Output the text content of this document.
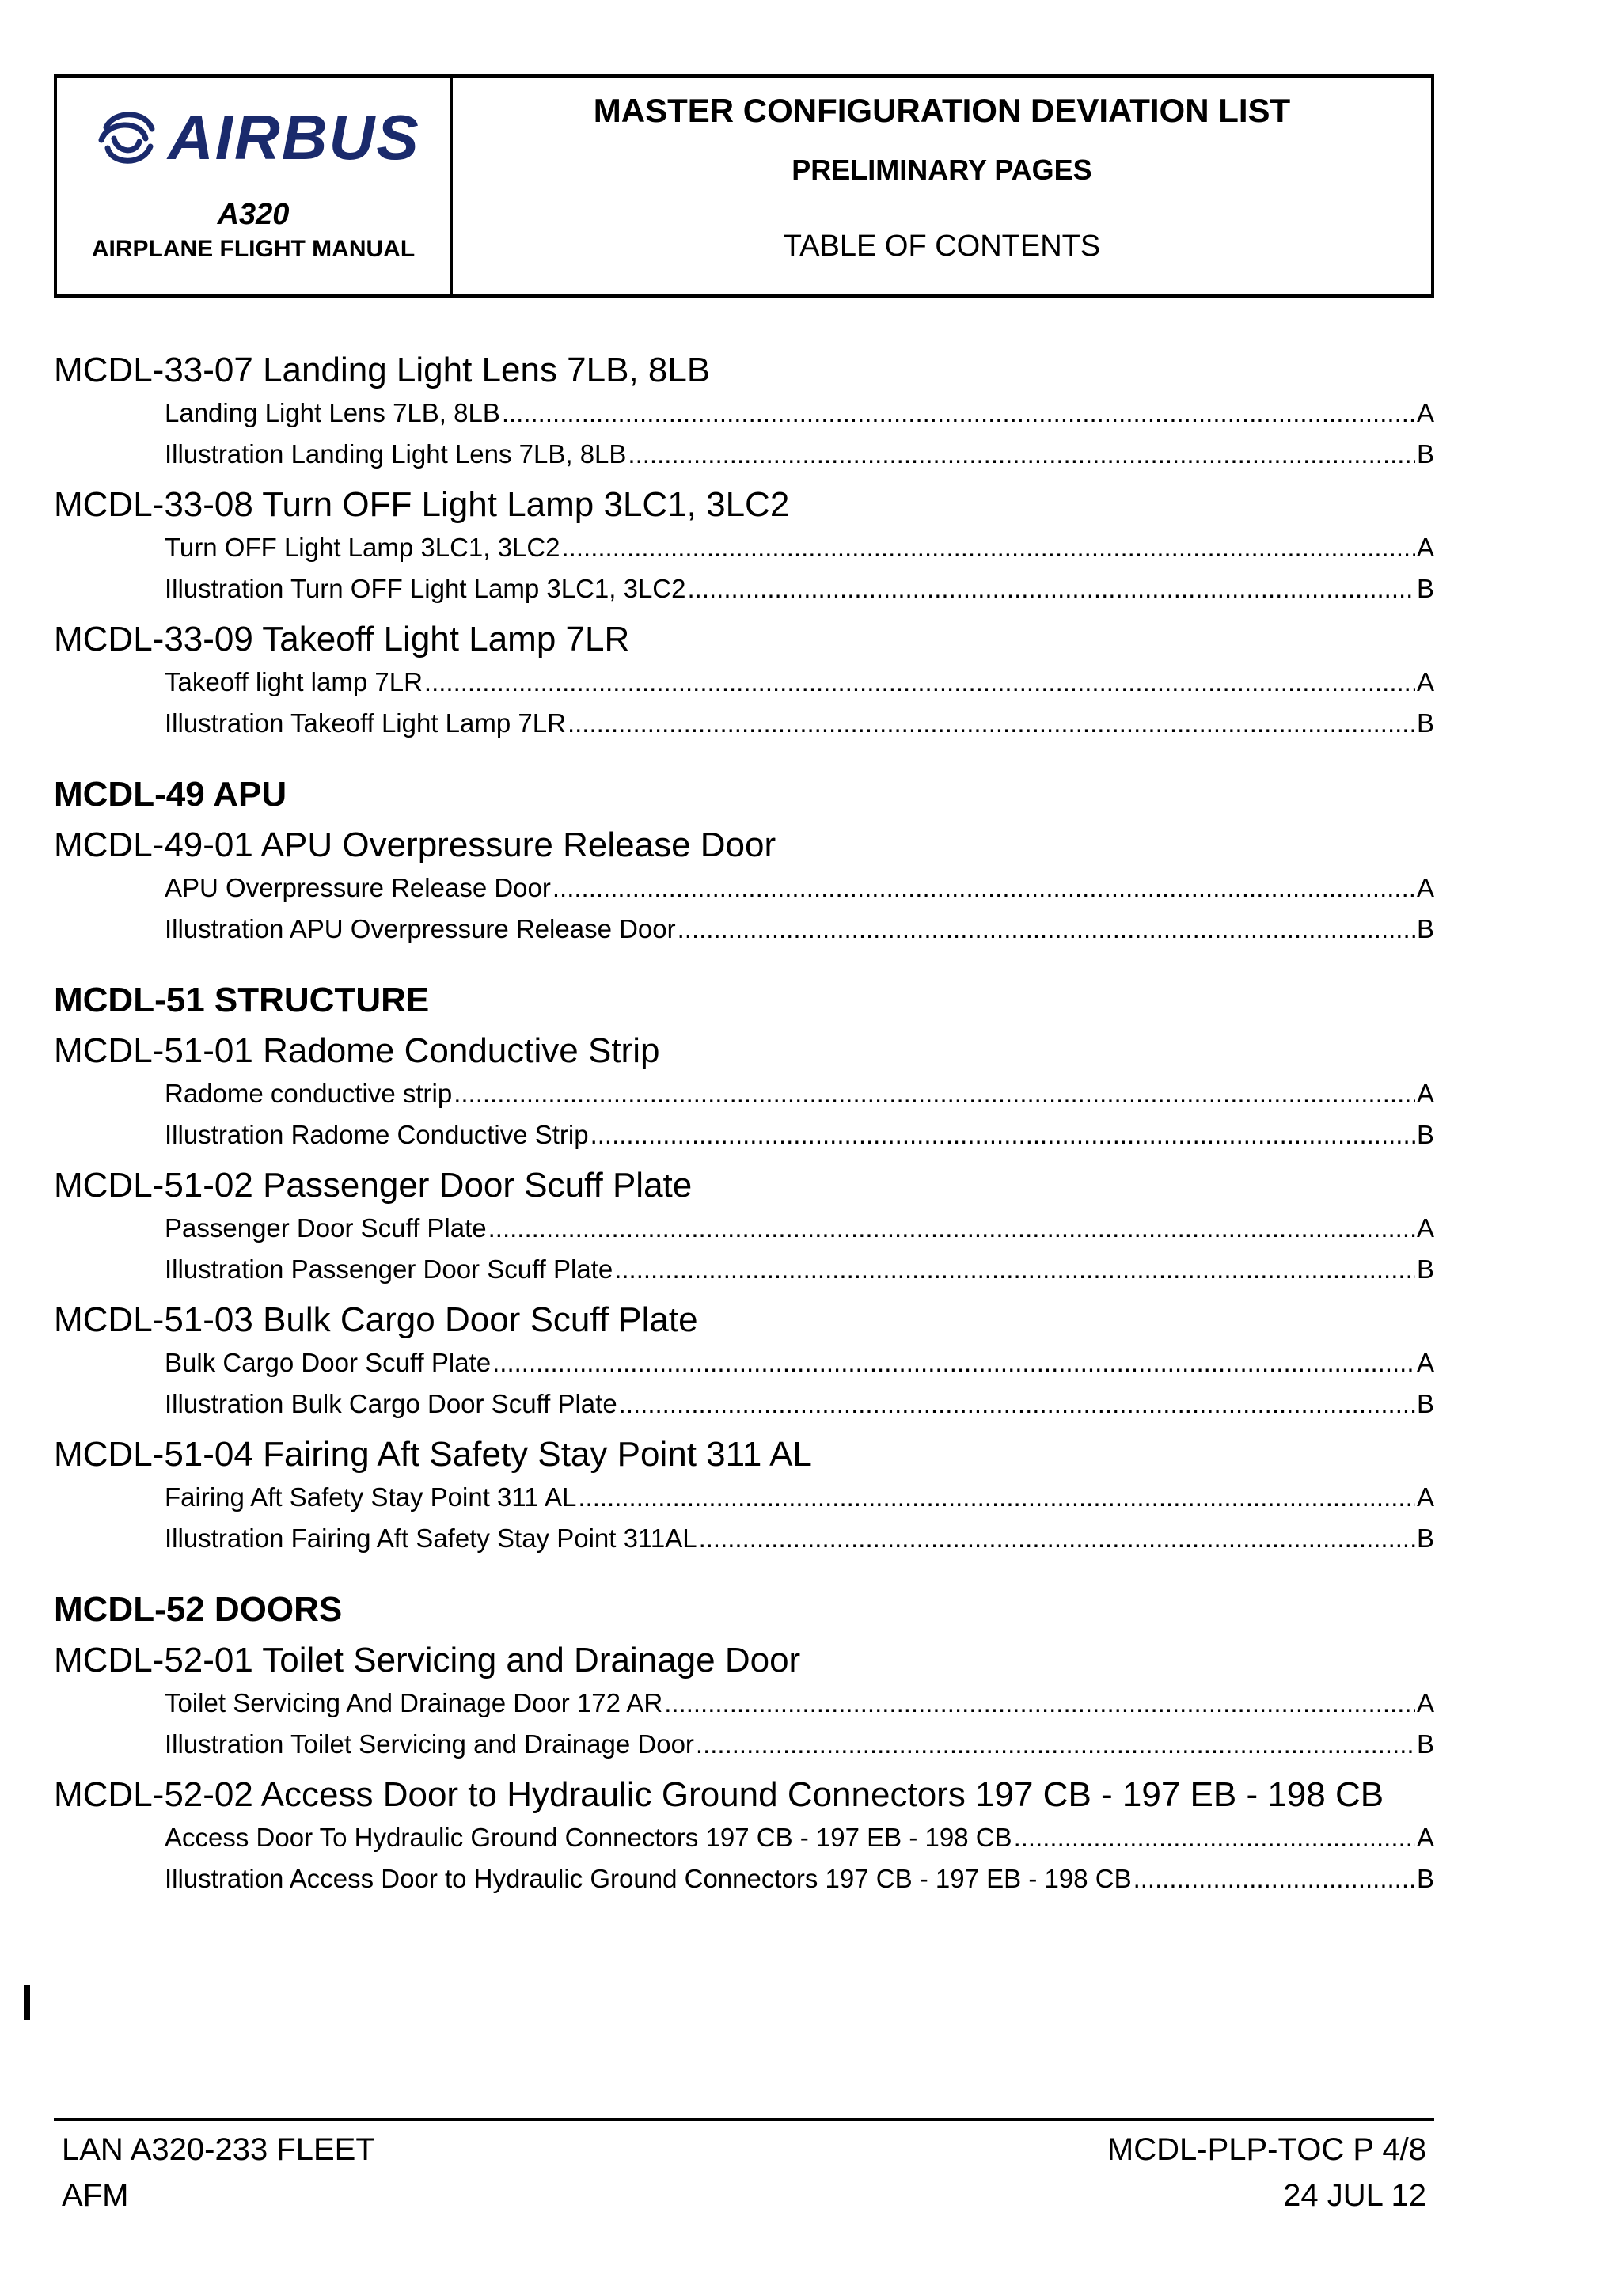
AIRBUS
A320
AIRPLANE FLIGHT MANUAL
MASTER CONFIGURATION DEVIATION LIST
PRELIMINARY PAGES
TABLE OF CONTENTS
MCDL-33-07 Landing Light Lens 7LB, 8LB
Landing Light Lens 7LB, 8LB .....	A
Illustration Landing Light Lens 7LB, 8LB .....	B
MCDL-33-08 Turn OFF Light Lamp 3LC1, 3LC2
Turn OFF Light Lamp 3LC1, 3LC2 .....	A
Illustration Turn OFF Light Lamp 3LC1, 3LC2 .....	B
MCDL-33-09 Takeoff Light Lamp 7LR
Takeoff light lamp 7LR .....	A
Illustration Takeoff Light Lamp 7LR .....	B
MCDL-49 APU
MCDL-49-01 APU Overpressure Release Door
APU Overpressure Release Door .....	A
Illustration APU Overpressure Release Door .....	B
MCDL-51 STRUCTURE
MCDL-51-01 Radome Conductive Strip
Radome conductive strip .....	A
Illustration Radome Conductive Strip .....	B
MCDL-51-02 Passenger Door Scuff Plate
Passenger Door Scuff Plate .....	A
Illustration Passenger Door Scuff Plate .....	B
MCDL-51-03 Bulk Cargo Door Scuff Plate
Bulk Cargo Door Scuff Plate .....	A
Illustration Bulk Cargo Door Scuff Plate .....	B
MCDL-51-04 Fairing Aft Safety Stay Point 311 AL
Fairing Aft Safety Stay Point 311 AL .....	A
Illustration Fairing Aft Safety Stay Point 311AL .....	B
MCDL-52 DOORS
MCDL-52-01 Toilet Servicing and Drainage Door
Toilet Servicing And Drainage Door 172 AR .....	A
Illustration Toilet Servicing and Drainage Door .....	B
MCDL-52-02 Access Door to Hydraulic Ground Connectors 197 CB - 197 EB - 198 CB
Access Door To Hydraulic Ground Connectors 197 CB - 197 EB - 198 CB .....	A
Illustration Access Door to Hydraulic Ground Connectors 197 CB - 197 EB - 198 CB .....	B
LAN A320-233 FLEET
AFM
MCDL-PLP-TOC P 4/8
24 JUL 12
